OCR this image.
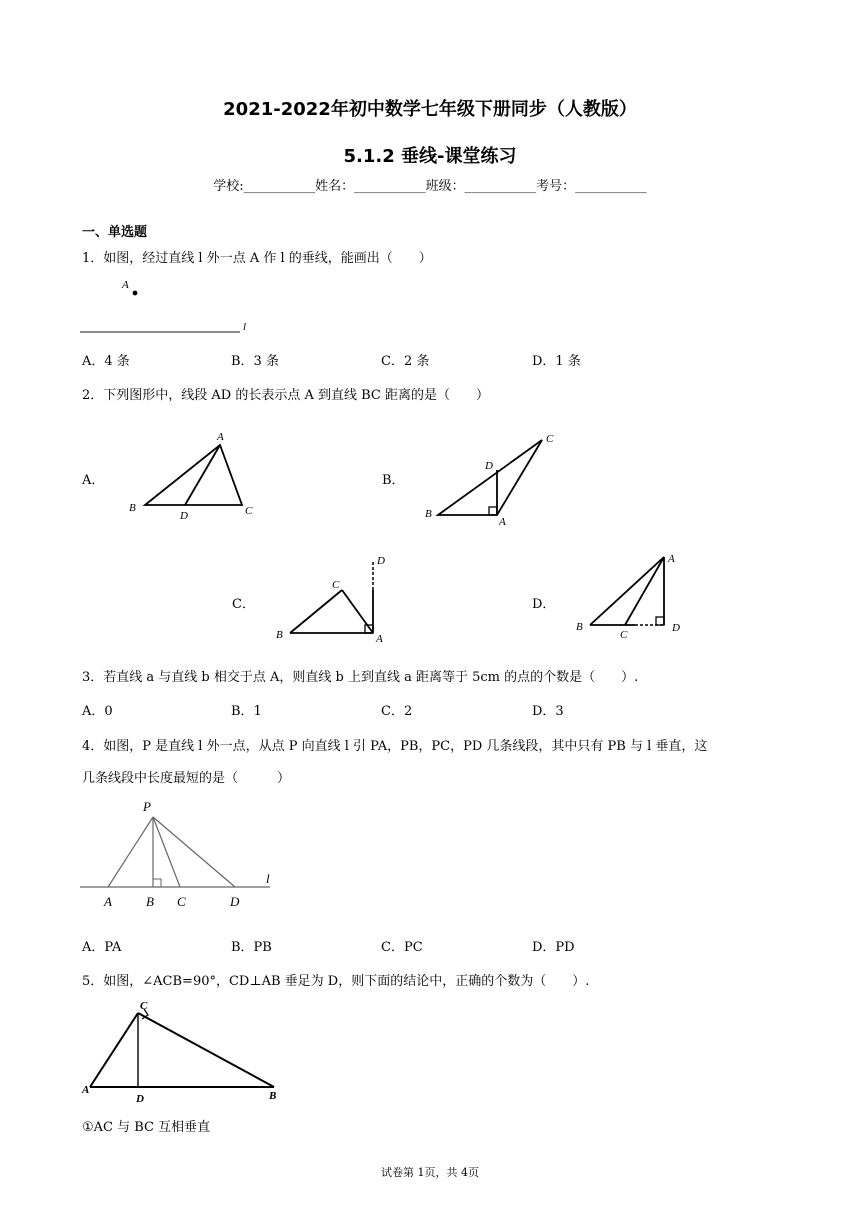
2021-2022年初中数学七年级下册同步（人教版）
5.1.2 垂线-课堂练习
学校:___________姓名：___________班级：___________考号：___________
一、单选题
1．如图，经过直线 l 外一点 A 作 l 的垂线，能画出（　　）
A
l
A．4 条	B．3 条	C．2 条	D．1 条
2．下列图形中，线段 AD 的长表示点 A 到直线 BC 距离的是（　　）
A．
A
B
D	C
B．
C
D
B
A
C．
D
C
B	A
D．
A
B
C
D
3．若直线 a 与直线 b 相交于点 A，则直线 b 上到直线 a 距离等于 5cm 的点的个数是（　　）.
A．0	B．1	C．2	D．3
4．如图，P 是直线 l 外一点，从点 P 向直线 l 引 PA，PB，PC，PD 几条线段，其中只有 PB 与 l 垂直，这
几条线段中长度最短的是（　　　）
P
A	B C	D
l
A．PA	B．PB	C．PC	D．PD
5．如图，∠ACB=90°，CD⊥AB 垂足为 D，则下面的结论中，正确的个数为（　　）.
C
A
D	B
①AC 与 BC 互相垂直
试卷第 1页，共 4页
